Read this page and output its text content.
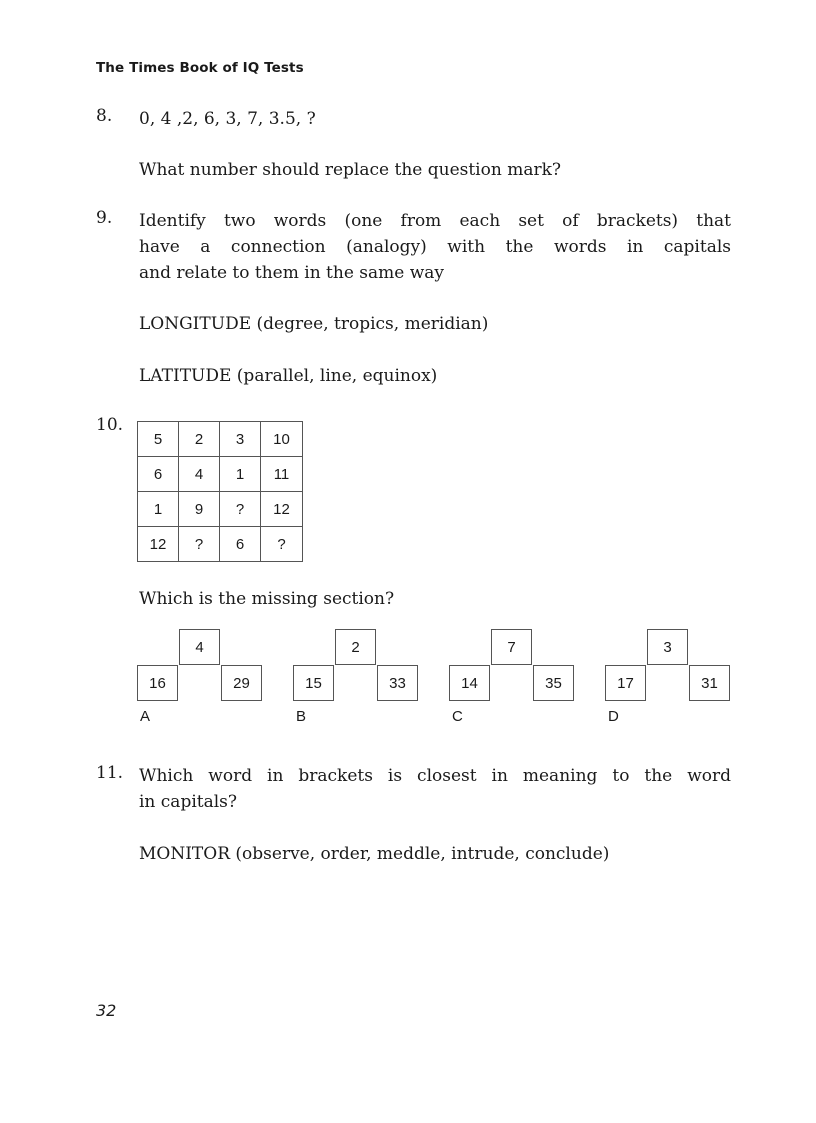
The Times Book of IQ Tests
8. 0, 4 ,2, 6, 3, 7, 3.5, ?
What number should replace the question mark?
9. Identify two words (one from each set of brackets) that
have a connection (analogy) with the words in capitals
and relate to them in the same way
LONGITUDE (degree, tropics, meridian)
LATITUDE (parallel, line, equinox)
10.
5	2	3	10
6	4	1	11
1	9	?	12
12	?	6	?
Which is the missing section?
4
16	29
A
2
15	33
B
7
14	35
C
3
17	31
D
11. Which word in brackets is closest in meaning to the word
in capitals?
MONITOR (observe, order, meddle, intrude, conclude)
32
